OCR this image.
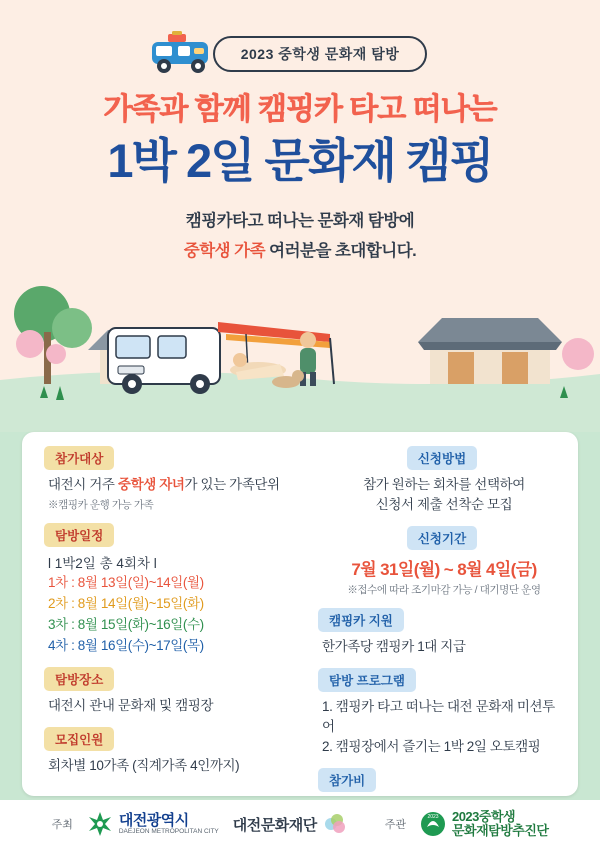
2023 중학생 문화재 탐방
가족과 함께 캠핑카 타고 떠나는
1박 2일 문화재 캠핑
캠핑카타고 떠나는 문화재 탐방에
중학생 가족 여러분을 초대합니다.
참가대상
대전시 거주 중학생 자녀가 있는 가족단위
※캠핑카 운행 가능 가족
탐방일정
l 1박2일 총 4회차 l
1차 : 8월 13일(일)~14일(월)
2차 : 8월 14일(월)~15일(화)
3차 : 8월 15일(화)~16일(수)
4차 : 8월 16일(수)~17일(목)
탐방장소
대전시 관내 문화재 및 캠핑장
모집인원
회차별 10가족 (직계가족 4인까지)
신청방법
참가 원하는 회차를 선택하여
신청서 제출 선착순 모집
신청기간
7월 31일(월) ~ 8월 4일(금)
※접수에 따라 조기마감 가능 / 대기명단 운영
캠핑카 지원
한가족당 캠핑카 1대 지급
탐방 프로그램
1. 캠핑카 타고 떠나는 대전 문화재 미션투어
2. 캠핑장에서 즐기는 1박 2일 오토캠핑
참가비
주최	대전광역시
DAEJEON METROPOLITAN CITY 대전문화재단	주관
2023 2023중학생
문화재탐방추진단
